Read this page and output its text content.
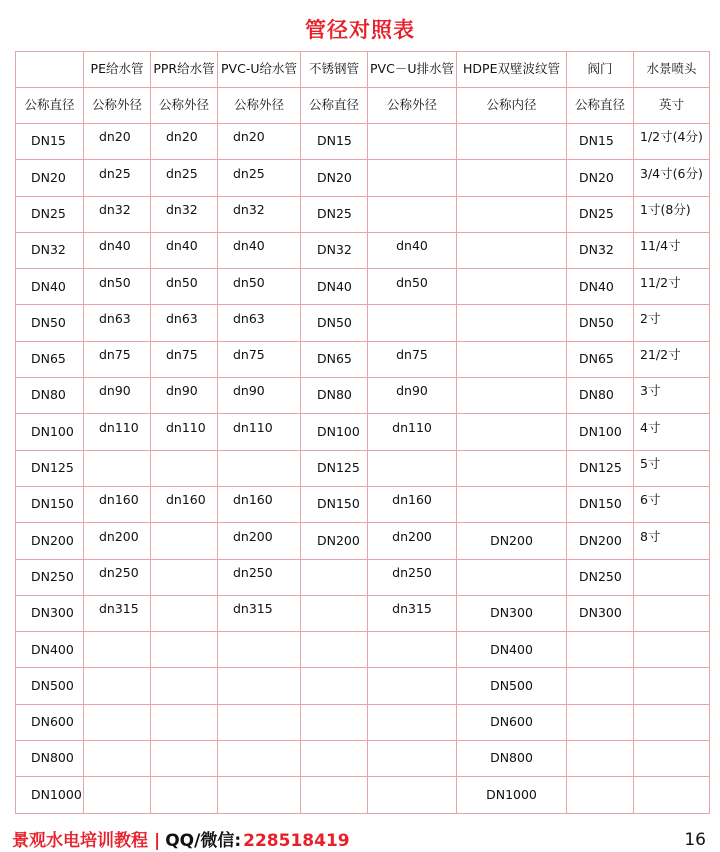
管径对照表
	PE给水管	PPR给水管	PVC-U给水管	不锈钢管	PVC－U排水管	HDPE双壁波纹管	阀门	水景喷头
公称直径	公称外径	公称外径	公称外径	公称直径	公称外径	公称内径	公称直径	英寸
DN15	dn20	dn20	dn20	DN15			DN15	1/2寸(4分)
DN20	dn25	dn25	dn25	DN20			DN20	3/4寸(6分)
DN25	dn32	dn32	dn32	DN25			DN25	1寸(8分)
DN32	dn40	dn40	dn40	DN32	dn40		DN32	11/4寸
DN40	dn50	dn50	dn50	DN40	dn50		DN40	11/2寸
DN50	dn63	dn63	dn63	DN50			DN50	2寸
DN65	dn75	dn75	dn75	DN65	dn75		DN65	21/2寸
DN80	dn90	dn90	dn90	DN80	dn90		DN80	3寸
DN100	dn110	dn110	dn110	DN100	dn110		DN100	4寸
DN125				DN125			DN125	5寸
DN150	dn160	dn160	dn160	DN150	dn160		DN150	6寸
DN200	dn200		dn200	DN200	dn200	DN200	DN200	8寸
DN250	dn250		dn250		dn250		DN250	
DN300	dn315		dn315		dn315	DN300	DN300	
DN400						DN400		
DN500						DN500		
DN600						DN600		
DN800						DN800		
DN1000						DN1000		
景观水电培训教程 | QQ/微信: 228518419	16
